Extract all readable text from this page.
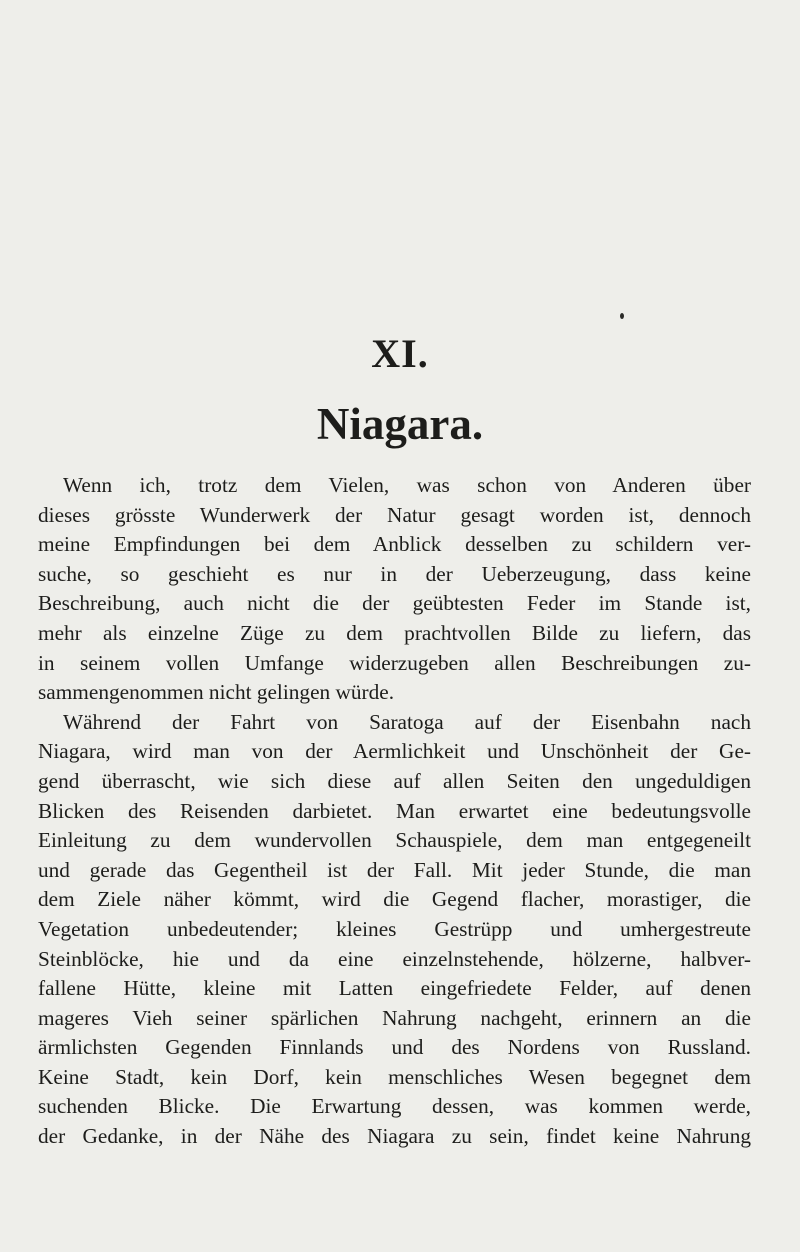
XI.
Niagara.
Wenn ich, trotz dem Vielen, was schon von Anderen über
dieses grösste Wunderwerk der Natur gesagt worden ist, dennoch
meine Empfindungen bei dem Anblick desselben zu schildern ver-
suche, so geschieht es nur in der Ueberzeugung, dass keine
Beschreibung, auch nicht die der geübtesten Feder im Stande ist,
mehr als einzelne Züge zu dem prachtvollen Bilde zu liefern, das
in seinem vollen Umfange widerzugeben allen Beschreibungen zu-
sammengenommen nicht gelingen würde.
Während der Fahrt von Saratoga auf der Eisenbahn nach
Niagara, wird man von der Aermlichkeit und Unschönheit der Ge-
gend überrascht, wie sich diese auf allen Seiten den ungeduldigen
Blicken des Reisenden darbietet. Man erwartet eine bedeutungsvolle
Einleitung zu dem wundervollen Schauspiele, dem man entgegeneilt
und gerade das Gegentheil ist der Fall. Mit jeder Stunde, die man
dem Ziele näher kömmt, wird die Gegend flacher, morastiger, die
Vegetation unbedeutender; kleines Gestrüpp und umhergestreute
Steinblöcke, hie und da eine einzelnstehende, hölzerne, halbver-
fallene Hütte, kleine mit Latten eingefriedete Felder, auf denen
mageres Vieh seiner spärlichen Nahrung nachgeht, erinnern an die
ärmlichsten Gegenden Finnlands und des Nordens von Russland.
Keine Stadt, kein Dorf, kein menschliches Wesen begegnet dem
suchenden Blicke. Die Erwartung dessen, was kommen werde,
der Gedanke, in der Nähe des Niagara zu sein, findet keine Nahrung
